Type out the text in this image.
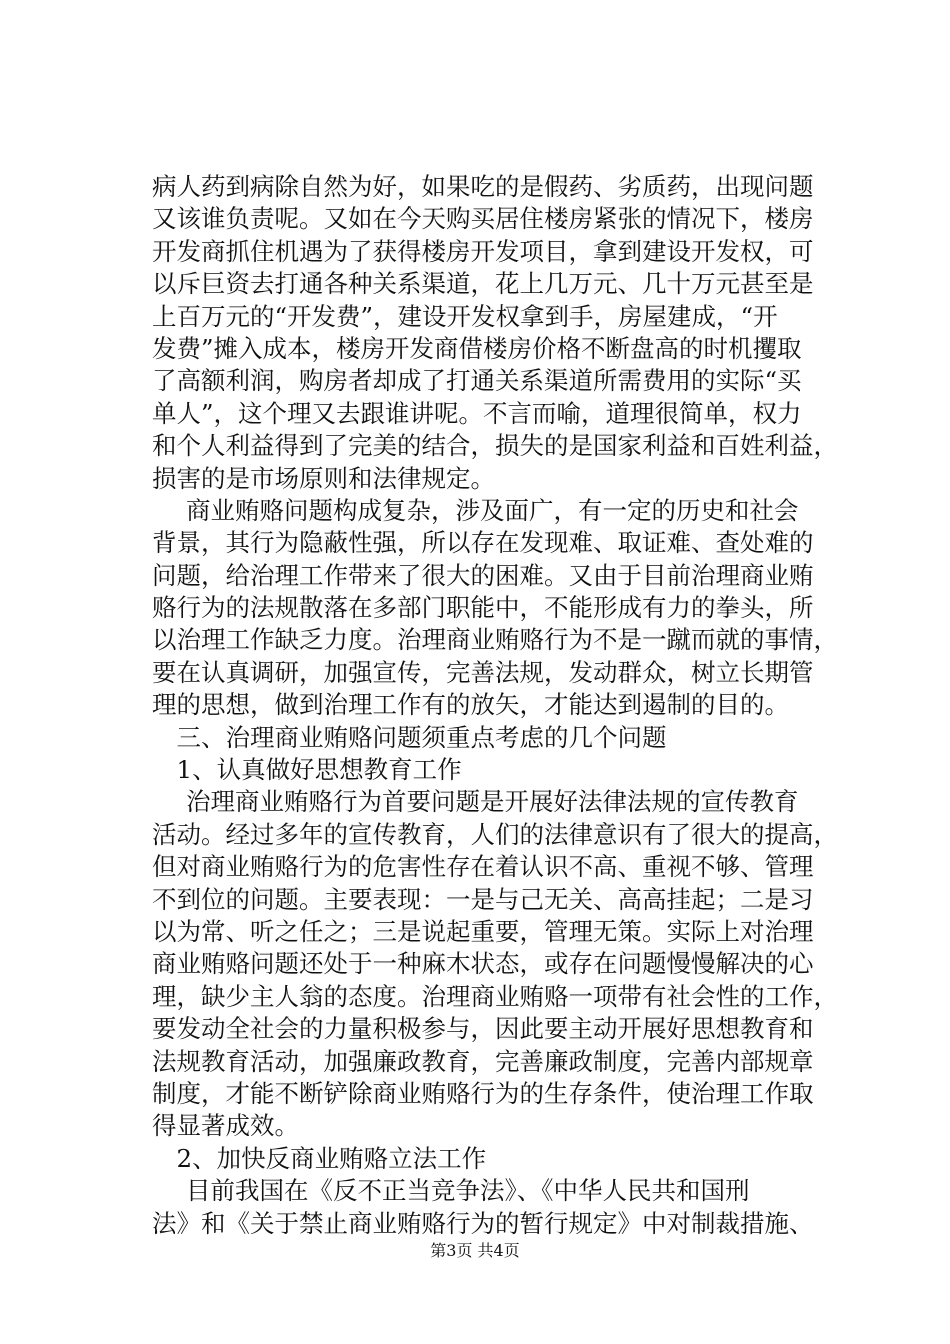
病人药到病除自然为好，如果吃的是假药、劣质药，出现问题
又该谁负责呢。又如在今天购买居住楼房紧张的情况下，楼房
开发商抓住机遇为了获得楼房开发项目，拿到建设开发权，可
以斥巨资去打通各种关系渠道，花上几万元、几十万元甚至是
上百万元的“开发费”，建设开发权拿到手，房屋建成，“开
发费”摊入成本，楼房开发商借楼房价格不断盘高的时机攫取
了高额利润，购房者却成了打通关系渠道所需费用的实际“买
单人”，这个理又去跟谁讲呢。不言而喻，道理很简单，权力
和个人利益得到了完美的结合，损失的是国家利益和百姓利益，
损害的是市场原则和法律规定。
商业贿赂问题构成复杂，涉及面广，有一定的历史和社会
背景，其行为隐蔽性强，所以存在发现难、取证难、查处难的
问题，给治理工作带来了很大的困难。又由于目前治理商业贿
赂行为的法规散落在多部门职能中，不能形成有力的拳头，所
以治理工作缺乏力度。治理商业贿赂行为不是一蹴而就的事情，
要在认真调研，加强宣传，完善法规，发动群众，树立长期管
理的思想，做到治理工作有的放矢，才能达到遏制的目的。
三、治理商业贿赂问题须重点考虑的几个问题
1、认真做好思想教育工作
治理商业贿赂行为首要问题是开展好法律法规的宣传教育
活动。经过多年的宣传教育，人们的法律意识有了很大的提高，
但对商业贿赂行为的危害性存在着认识不高、重视不够、管理
不到位的问题。主要表现：一是与己无关、高高挂起；二是习
以为常、听之任之；三是说起重要，管理无策。实际上对治理
商业贿赂问题还处于一种麻木状态，或存在问题慢慢解决的心
理，缺少主人翁的态度。治理商业贿赂一项带有社会性的工作，
要发动全社会的力量积极参与，因此要主动开展好思想教育和
法规教育活动，加强廉政教育，完善廉政制度，完善内部规章
制度，才能不断铲除商业贿赂行为的生存条件，使治理工作取
得显著成效。
2、加快反商业贿赂立法工作
目前我国在《反不正当竞争法》、《中华人民共和国刑
法》和《关于禁止商业贿赂行为的暂行规定》中对制裁措施、
第3页 共4页
